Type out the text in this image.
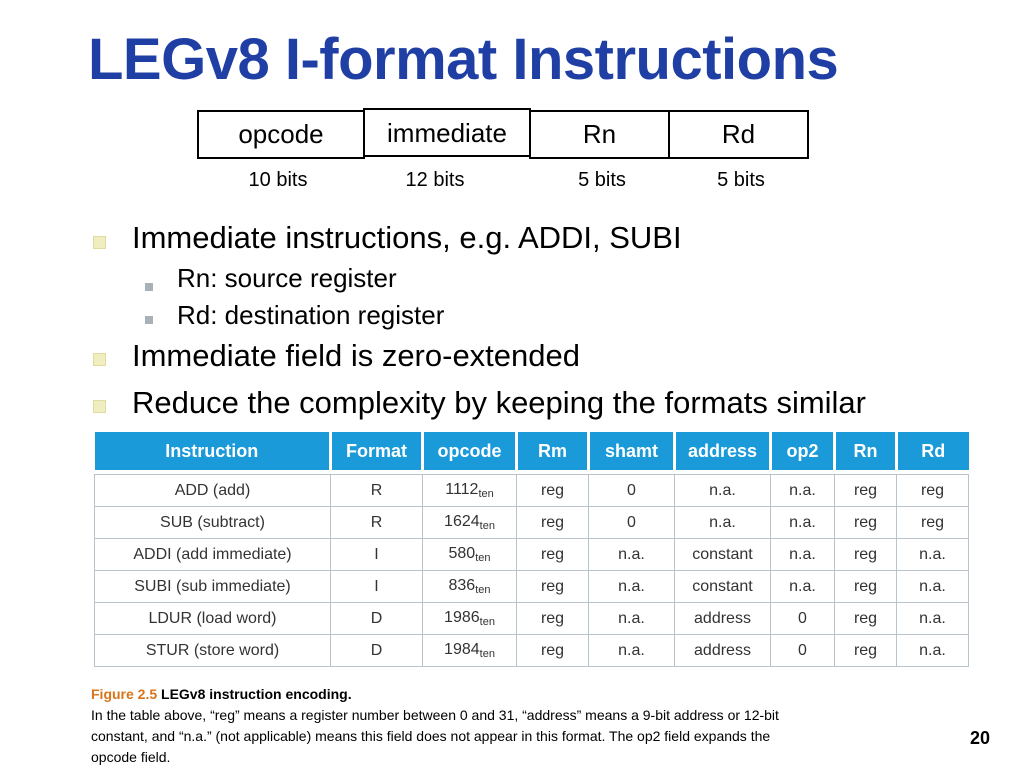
LEGv8 I-format Instructions
opcode	immediate	Rn	Rd
10 bits	12 bits	5 bits	5 bits
Immediate instructions, e.g. ADDI, SUBI
Rn: source register
Rd: destination register
Immediate field is zero-extended
Reduce the complexity by keeping the formats similar
Instruction	Format	opcode	Rm	shamt	address	op2	Rn	Rd

ADD (add)	R	$1112_{ten}$	reg	0	n.a.	n.a.	reg	reg
SUB (subtract)	R	$1624_{ten}$	reg	0	n.a.	n.a.	reg	reg
ADDI (add immediate)	I	$580_{ten}$	reg	n.a.	constant	n.a.	reg	n.a.
SUBI (sub immediate)	I	$836_{ten}$	reg	n.a.	constant	n.a.	reg	n.a.
LDUR (load word)	D	$1986_{ten}$	reg	n.a.	address	0	reg	n.a.
STUR (store word)	D	$1984_{ten}$	reg	n.a.	address	0	reg	n.a.
Figure 2.5 LEGv8 instruction encoding.
In the table above, “reg” means a register number between 0 and 31, “address” means a 9-bit address or 12-bit
constant, and “n.a.” (not applicable) means this field does not appear in this format. The op2 field expands the
opcode field.
20
